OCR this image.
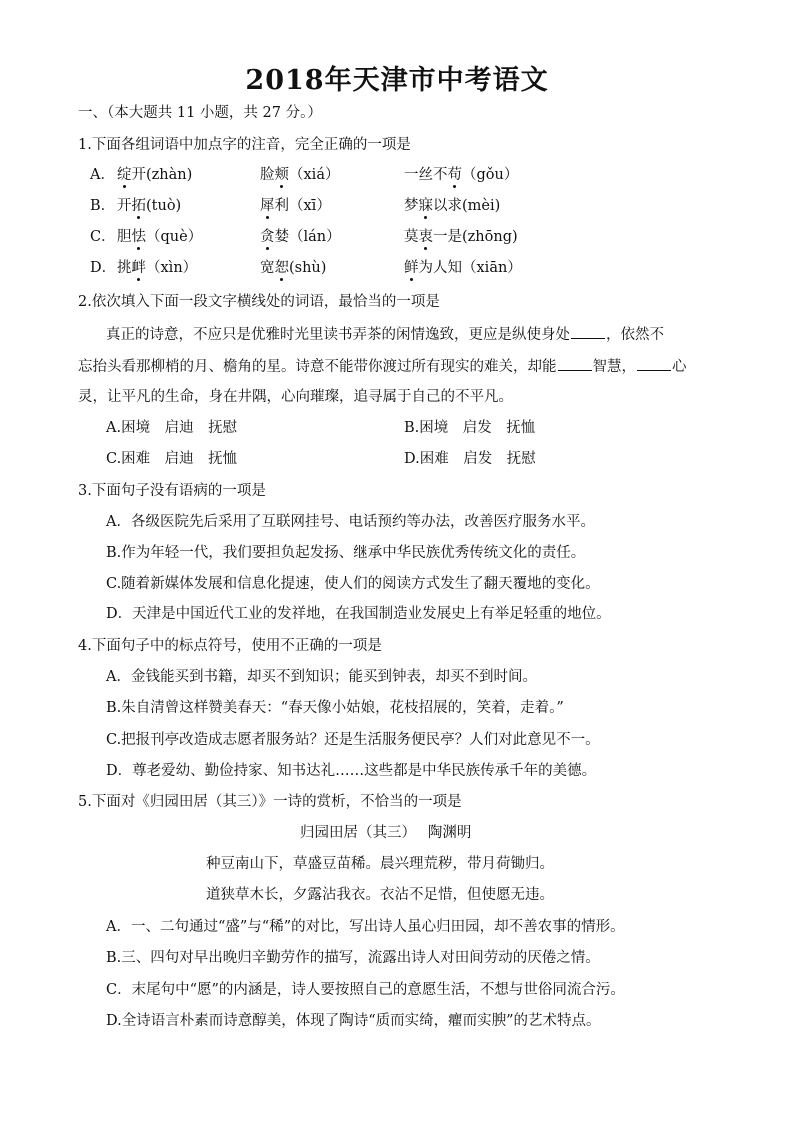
2018年天津市中考语文
一、（本大题共 11 小题，共 27 分。）
1.下面各组词语中加点字的注音，完全正确的一项是
A． 绽开(zhàn)	脸颊（xiá）	一丝不苟（gǒu）
B． 开拓(tuò)	犀利（xī）	梦寐以求(mèi)
C． 胆怯（què）	贪婪（lán）	莫衷一是(zhōng)
D． 挑衅（xìn）	宽恕(shù)	鲜为人知（xiān）
2.依次填入下面一段文字横线处的词语，最恰当的一项是
真正的诗意，不应只是优雅时光里读书弄茶的闲情逸致，更应是纵使身处 ，依然不
忘抬头看那柳梢的月、檐角的星。诗意不能带你渡过所有现实的难关，却能 智慧， 心
灵，让平凡的生命，身在井隅，心向璀璨，追寻属于自己的不平凡。
A.困境　启迪　抚慰	B.困境　启发　抚恤
C.困难　启迪　抚恤	D.困难　启发　抚慰
3.下面句子没有语病的一项是
A．各级医院先后采用了互联网挂号、电话预约等办法，改善医疗服务水平。
B.作为年轻一代，我们要担负起发扬、继承中华民族优秀传统文化的责任。
C.随着新媒体发展和信息化提速，使人们的阅读方式发生了翻天覆地的变化。
D．天津是中国近代工业的发祥地，在我国制造业发展史上有举足轻重的地位。
4.下面句子中的标点符号，使用不正确的一项是
A．金钱能买到书籍，却买不到知识；能买到钟表，却买不到时间。
B.朱自清曾这样赞美春天：“春天像小姑娘，花枝招展的，笑着，走着。”
C.把报刊亭改造成志愿者服务站？还是生活服务便民亭？人们对此意见不一。
D．尊老爱幼、勤俭持家、知书达礼……这些都是中华民族传承千年的美德。
5.下面对《归园田居（其三）》一诗的赏析，不恰当的一项是
归园田居（其三）　 陶渊明
种豆南山下，草盛豆苗稀。晨兴理荒秽，带月荷锄归。
道狭草木长，夕露沾我衣。衣沾不足惜，但使愿无违。
A．一、二句通过“盛”与“稀”的对比，写出诗人虽心归田园，却不善农事的情形。
B.三、四句对早出晚归辛勤劳作的描写，流露出诗人对田间劳动的厌倦之情。
C．末尾句中“愿”的内涵是，诗人要按照自己的意愿生活，不想与世俗同流合污。
D.全诗语言朴素而诗意醇美，体现了陶诗“质而实绮，癯而实腴”的艺术特点。
